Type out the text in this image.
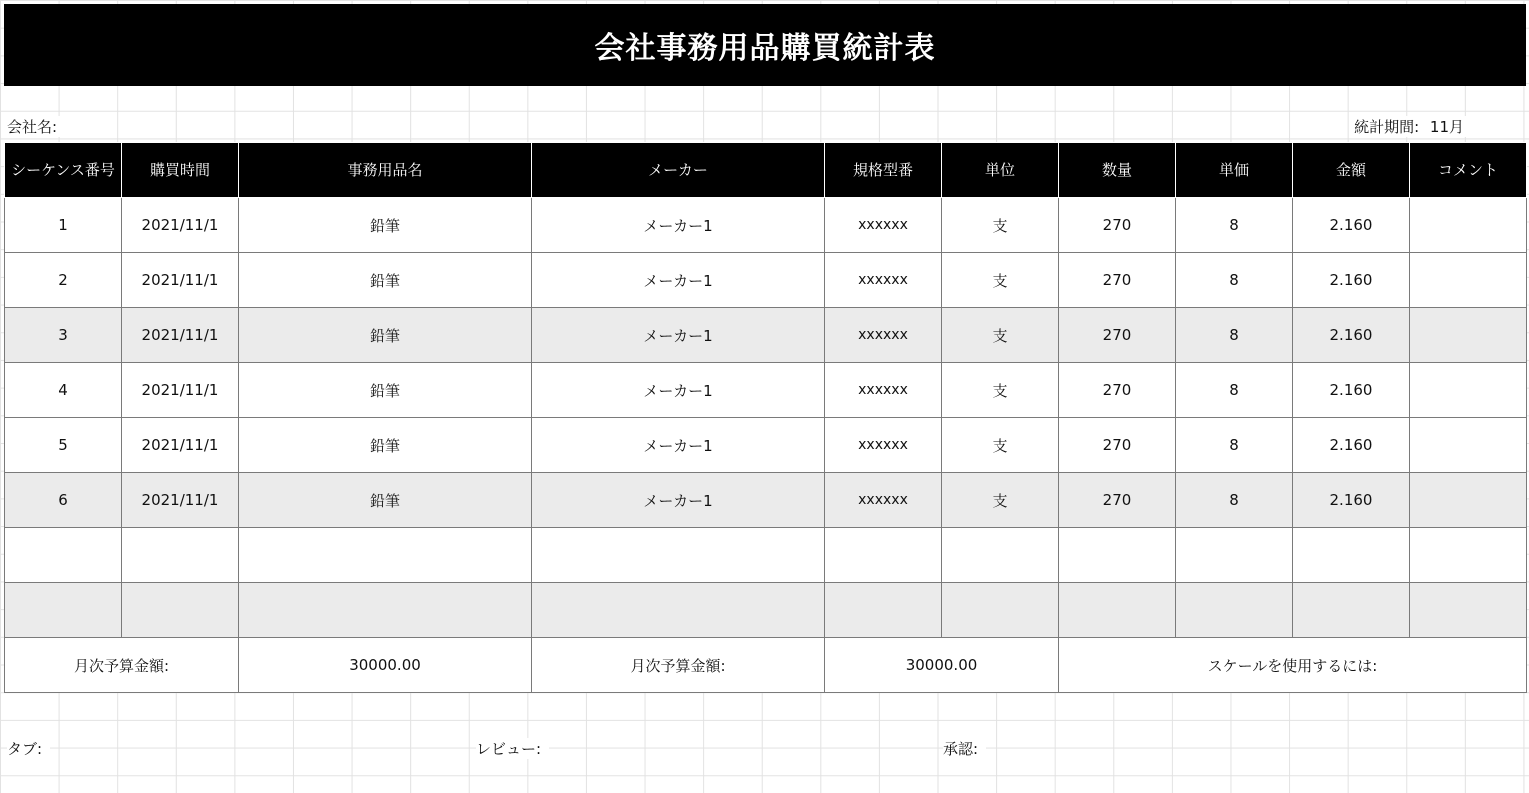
会社事務用品購買統計表
会社名:	統計期間: 11月
シーケンス番号	購買時間	事務用品名	メーカー	規格型番	単位	数量	単価	金額	コメント
1	2021/11/1	鉛筆	メーカー1	xxxxxx	支	270	8	2.160	
2	2021/11/1	鉛筆	メーカー1	xxxxxx	支	270	8	2.160	
3	2021/11/1	鉛筆	メーカー1	xxxxxx	支	270	8	2.160	
4	2021/11/1	鉛筆	メーカー1	xxxxxx	支	270	8	2.160	
5	2021/11/1	鉛筆	メーカー1	xxxxxx	支	270	8	2.160	
6	2021/11/1	鉛筆	メーカー1	xxxxxx	支	270	8	2.160	

月次予算金額:		30000.00	月次予算金額:	30000.00		スケールを使用するには:			
タブ:	レビュー:	承認:
